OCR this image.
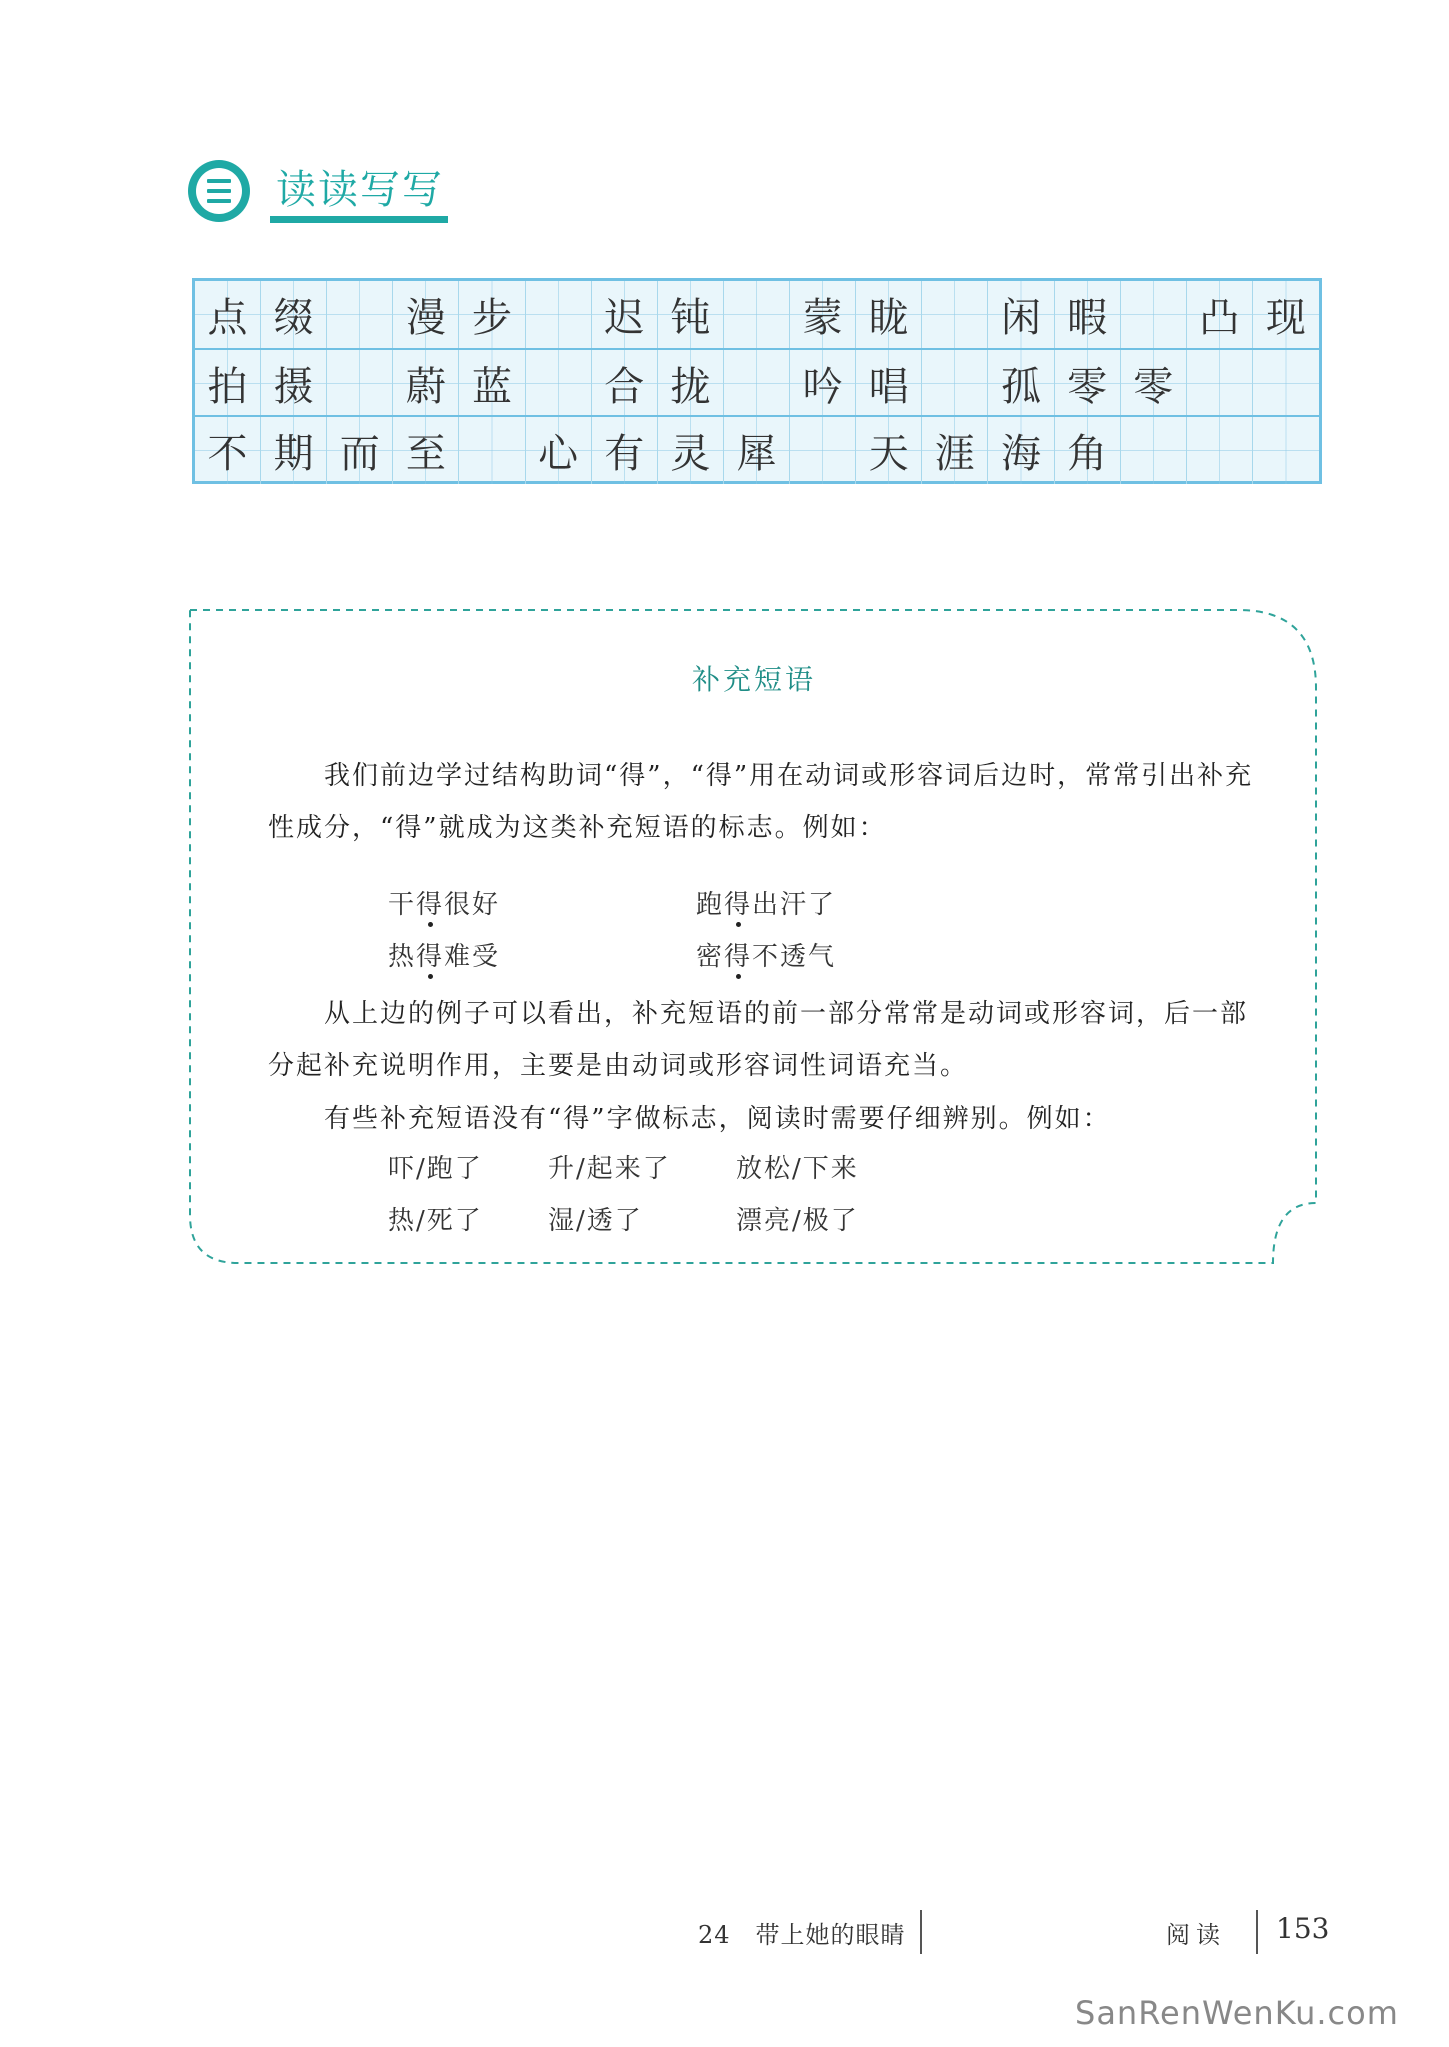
读读写写
点 缀	漫 步	迟 钝	蒙 眬	闲 暇	凸 现
拍 摄	蔚 蓝	合 拢	吟 唱	孤 零 零
不 期 而 至	心 有 灵 犀	天 涯 海 角
补充短语
我们前边学过结构助词“得”，“得”用在动词或形容词后边时，常常引出补充性成分，“得”就成为这类补充短语的标志。例如：
干得很好	跑得出汗了
热得难受	密得不透气
从上边的例子可以看出，补充短语的前一部分常常是动词或形容词，后一部分起补充说明作用，主要是由动词或形容词性词语充当。
有些补充短语没有“得”字做标志，阅读时需要仔细辨别。例如：
吓/跑了	升/起来了	放松/下来
热/死了	湿/透了	漂亮/极了
24　带上她的眼睛	阅读 153
SanRenWenKu.com
